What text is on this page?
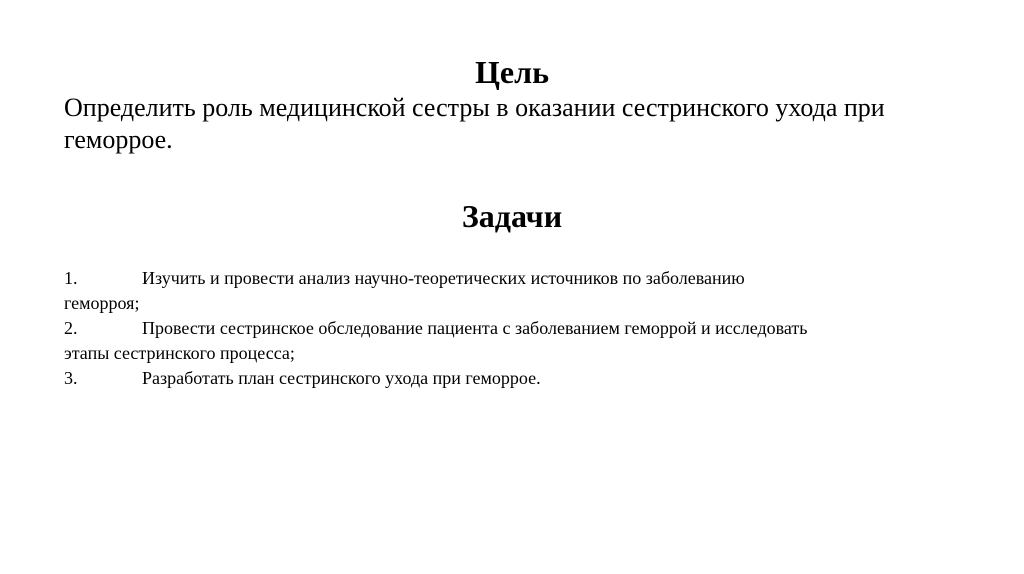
Цель
Определить роль медицинской сестры в оказании сестринского ухода при геморрое.
Задачи
1.	Изучить и провести анализ научно-теоретических источников по заболеванию
геморроя;
2.	Провести сестринское обследование пациента с заболеванием геморрой и исследовать
этапы сестринского процесса;
3.	Разработать план сестринского ухода при геморрое.
